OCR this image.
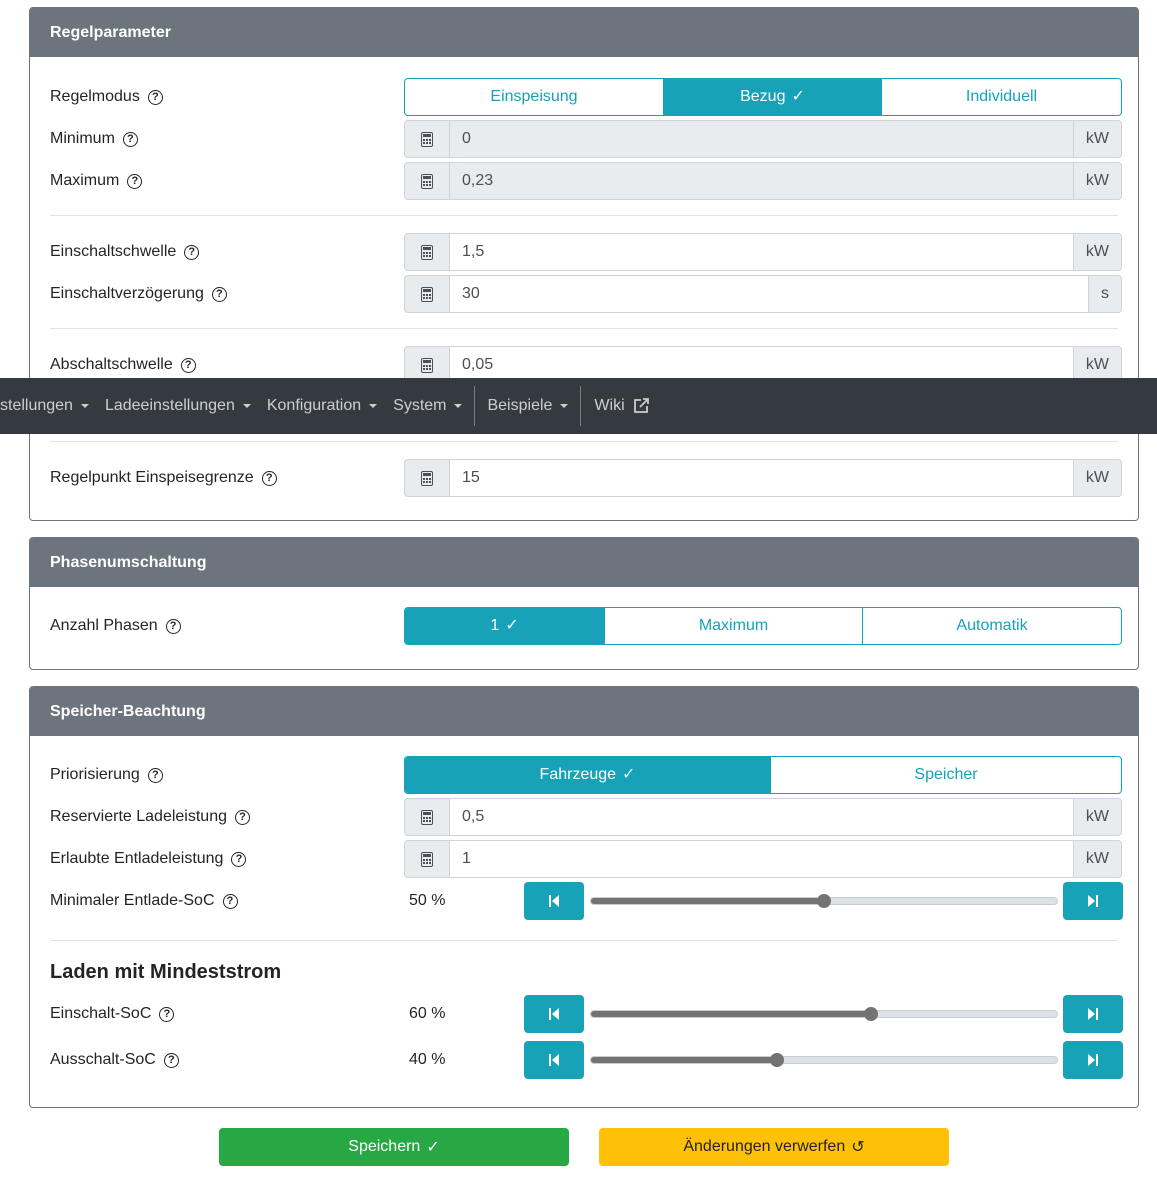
Regelparameter
Regelmodus	?	Einspeisung	Bezug ✓	Individuell
Minimum	?	0	kW
Maximum	?	0,23	kW
Einschaltschwelle	?	1,5	kW
Einschaltverzögerung	?	30	s
Abschaltschwelle	?	0,05	kW
Regelpunkt Einspeisegrenze	?	15	kW
stellungen Ladeeinstellungen Konfiguration System	Beispiele	Wiki
Phasenumschaltung
Anzahl Phasen	?	1 ✓	Maximum	Automatik
Speicher-Beachtung
Priorisierung	?	Fahrzeuge ✓	Speicher
Reservierte Ladeleistung	?	0,5	kW
Erlaubte Entladeleistung	?	1	kW
Minimaler Entlade-SoC	?	50 %
Laden mit Mindeststrom
Einschalt-SoC	?	60 %
Ausschalt-SoC	?	40 %
Speichern ✓	Änderungen verwerfen ↺
